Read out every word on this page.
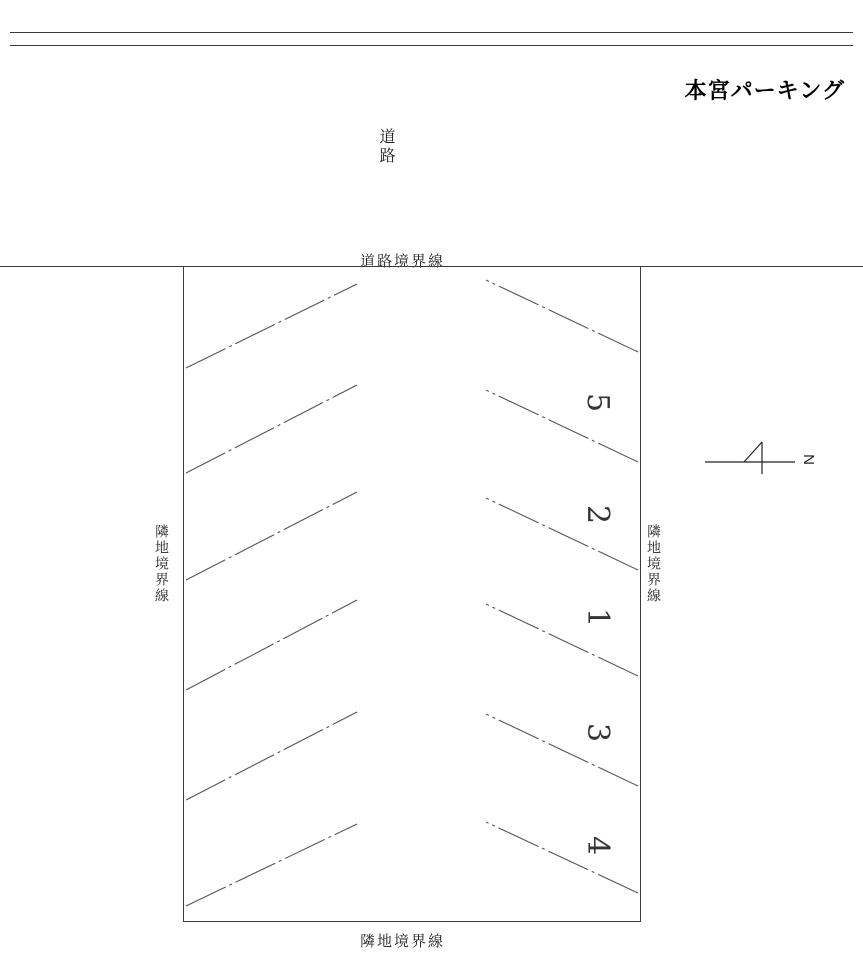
本宮パーキング
道路
道路境界線
隣地境界線
隣地境界線	隣地境界線
5
2
1
3
4
N
